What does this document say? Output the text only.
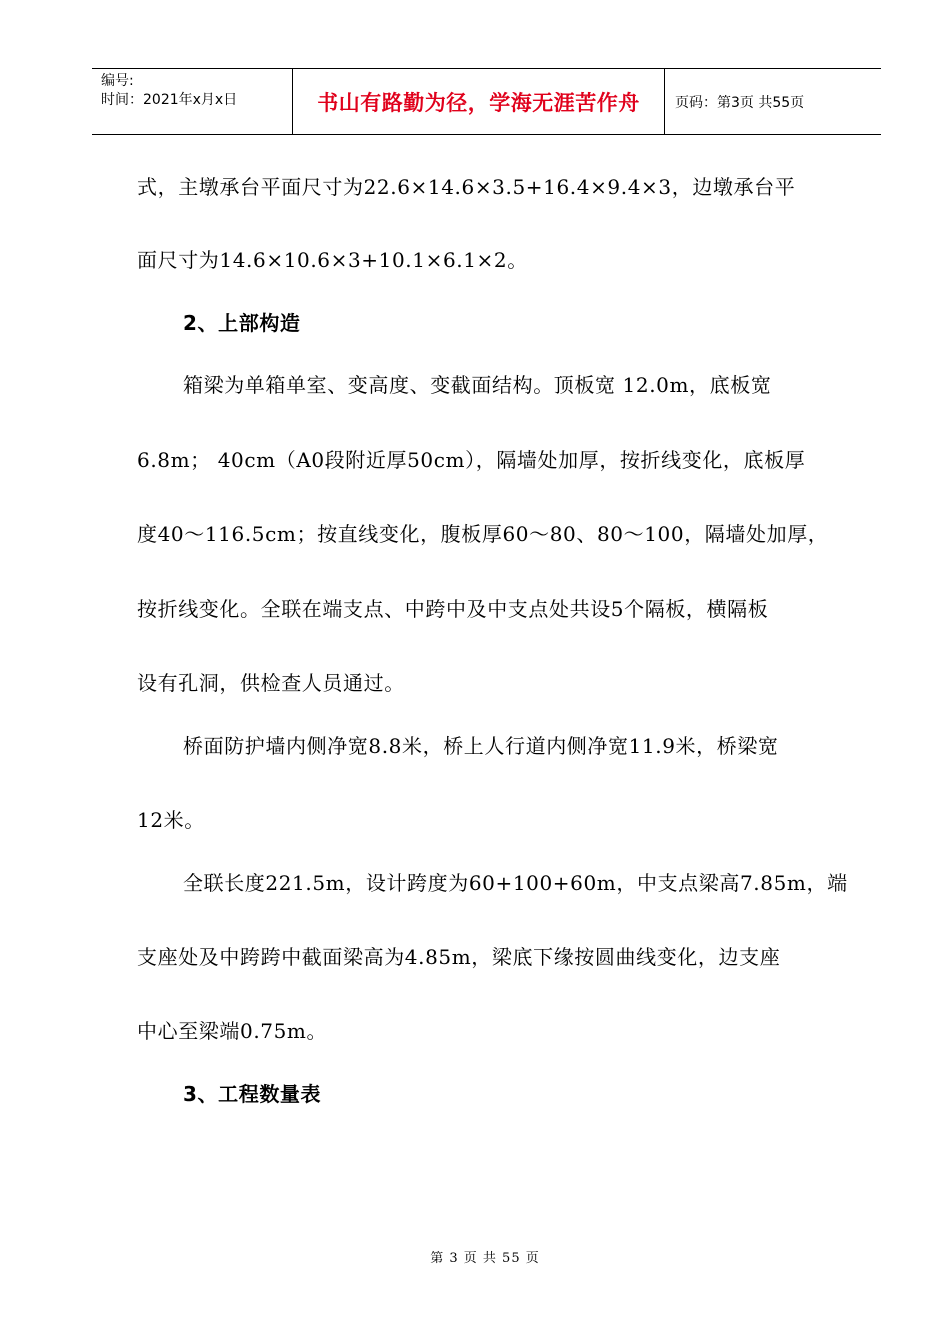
编号:
时间：2021年x月x日	书山有路勤为径，学海无涯苦作舟	页码：第3页 共55页
式，主墩承台平面尺寸为22.6×14.6×3.5+16.4×9.4×3，边墩承台平
面尺寸为14.6×10.6×3+10.1×6.1×2。
2、上部构造
箱梁为单箱单室、变高度、变截面结构。顶板宽 12.0m，底板宽
6.8m； 40cm（A0段附近厚50cm），隔墙处加厚，按折线变化，底板厚
度40～116.5cm；按直线变化，腹板厚60～80、80～100，隔墙处加厚，
按折线变化。全联在端支点、中跨中及中支点处共设5个隔板，横隔板
设有孔洞，供检查人员通过。
桥面防护墙内侧净宽8.8米，桥上人行道内侧净宽11.9米，桥梁宽
12米。
全联长度221.5m，设计跨度为60+100+60m，中支点梁高7.85m，端
支座处及中跨跨中截面梁高为4.85m，梁底下缘按圆曲线变化，边支座
中心至梁端0.75m。
3、工程数量表
第 3 页 共 55 页
